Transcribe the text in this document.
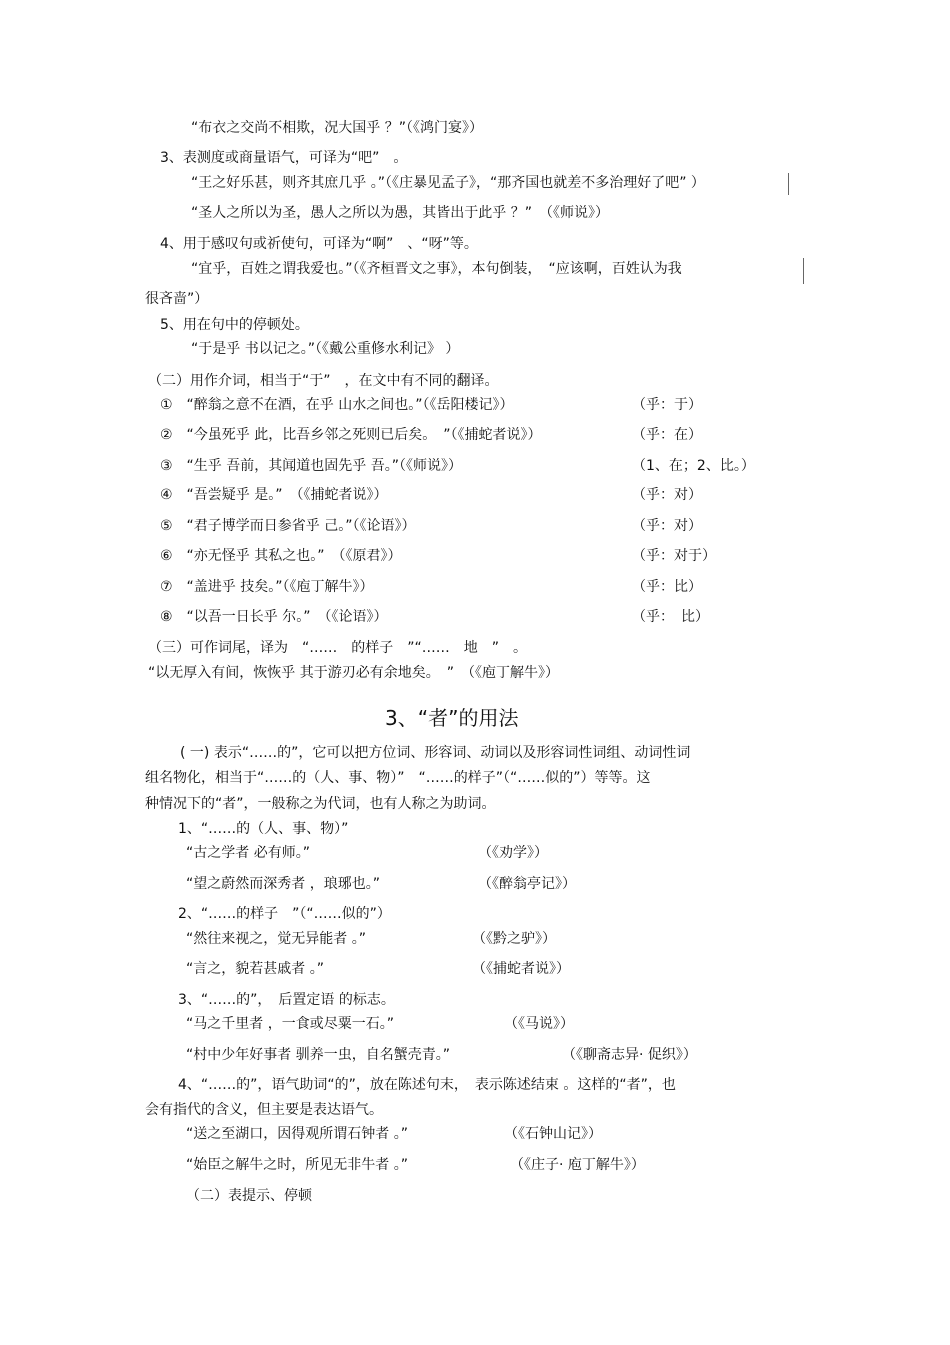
“布衣之交尚不相欺，况大国乎 ？”（《鸿门宴》）
3、表测度或商量语气，可译为“吧”　。
“王之好乐甚，则齐其庶几乎 。”（《庄暴见孟子》，“那齐国也就差不多治理好了吧” ）
“圣人之所以为圣，愚人之所以为愚，其皆出于此乎 ？”　（《师说》）
4、用于感叹句或祈使句，可译为“啊”　、“呀”等。
“宜乎，百姓之谓我爱也。”（《齐桓晋文之事》，本句倒装，　“应该啊，百姓认为我
很吝啬”）
5、用在句中的停顿处。
“于是乎 书以记之。”（《戴公重修水利记》 ）
（二）用作介词，相当于“于”　，在文中有不同的翻译。
①　“醉翁之意不在酒，在乎 山水之间也。”（《岳阳楼记》）	（乎：于）
②　“今虽死乎 此，比吾乡邻之死则已后矣。　”（《捕蛇者说》）	（乎：在）
③　“生乎 吾前，其闻道也固先乎 吾。”（《师说》）	（1、在；2、比。）
④　“吾尝疑乎 是。”　（《捕蛇者说》）	（乎：对）
⑤　“君子博学而日参省乎 己。”（《论语》）	（乎：对）
⑥　“亦无怪乎 其私之也。”　（《原君》）	（乎：对于）
⑦　“盖进乎 技矣。”（《庖丁解牛》）	（乎：比）
⑧　“以吾一日长乎 尔。”　（《论语》）	（乎：　比）
（三）可作词尾，译为　“……　的样子　”“……　地　”　。
“以无厚入有间，恢恢乎 其于游刃必有余地矣。　”　（《庖丁解牛》）
3、“者”的用法
( 一) 表示“……的”，它可以把方位词、形容词、动词以及形容词性词组、动词性词
组名物化，相当于“……的（人、事、物）”　“……的样子”（“……似的”）等等。这
种情况下的“者”，一般称之为代词，也有人称之为助词。
1、“……的（人、事、物）”
“古之学者 必有师。”	（《劝学》）
“望之蔚然而深秀者 ，琅琊也。”	（《醉翁亭记》）
2、“……的样子　”（“……似的”）
“然往来视之，觉无异能者 。”	（《黔之驴》）
“言之，貌若甚戚者 。”	（《捕蛇者说》）
3、“……的”，　后置定语 的标志。
“马之千里者 ，一食或尽粟一石。”	（《马说》）
“村中少年好事者 驯养一虫，自名蟹壳青。”	（《聊斋志异· 促织》）
4、“……的”，语气助词“的”，放在陈述句末，　表示陈述结束 。这样的“者”，也
会有指代的含义，但主要是表达语气。
“送之至湖口，因得观所谓石钟者 。”	（《石钟山记》）
“始臣之解牛之时，所见无非牛者 。”	（《庄子· 庖丁解牛》）
（二）表提示、停顿
